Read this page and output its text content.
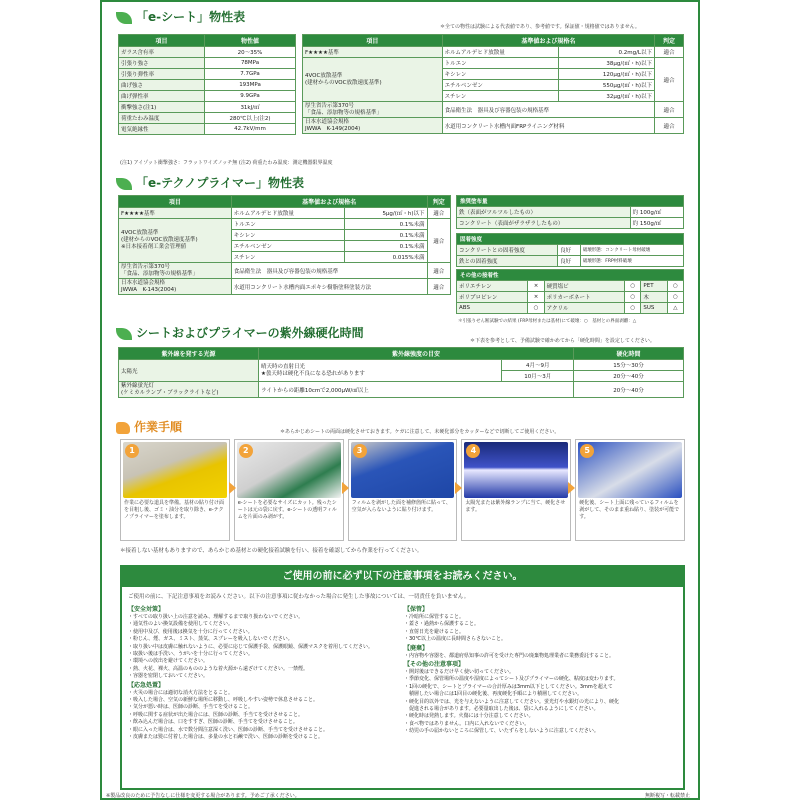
「e-シート」物性表
＊全ての物性は試験による代表値であり、参考値です。保証値・規格値ではありません。
項目	物性値
ガラス含有率	20～35%
引張り強さ	78MPa
引張り弾性率	7.7GPa
曲げ強さ	193MPa
曲げ弾性率	9.9GPa
衝撃強さ(注1)	31kJ/㎡
荷重たわみ温度	280℃以上(注2)
電気絶縁性	42.7kV/mm
項目	基準値および規格名		判定
F★★★★基準	ホルムアルデヒド放散量	0.2mg/L以下	適合
4VOC放散基準
(建材からのVOC放散速度基準)	トルエン	38μg/(㎡・h)以下	適合
	キシレン	120μg/(㎡・h)以下	
	エチルベンゼン	550μg/(㎡・h)以下	
	スチレン	32μg/(㎡・h)以下	
厚生省告示第370号
「食品、添加物等の規格基準」	食品衛生法　器具及び容器包装の規格基準		適合
日本水道協会規格
JWWA　K-149(2004)	水道用コンクリート水槽内面FRPライニング材料		適合
(注1) アイゾット衝撃強さ：フラットワイズノッチ無 (注2) 荷重たわみ温度：測定機器限界温度
「e-テクノプライマー」物性表
項目	基準値および規格名		判定
F★★★★基準	ホルムアルデヒド放散量	5μg/(㎡・h)以下	適合
4VOC放散基準
(建材からのVOC放散速度基準)
※日本接着剤工業会管理値	トルエン	0.1%未満	適合
	キシレン	0.1%未満	
	エチルベンゼン	0.1%未満	
	スチレン	0.015%未満	
厚生省告示第370号
「食品、添加物等の規格基準」	食品衛生法　器具及び容器包装の規格基準		適合
日本水道協会規格
JWWA　K-143(2004)	水道用コンクリート水槽内面エポキシ樹脂塗料塗装方法		適合
推奨塗布量	
鉄（表面がツルツルしたもの）	約 100g/㎡
コンクリート（表面がザラザラしたもの）	約 150g/㎡
固着強度		
コンクリートとの固着強度	良好	破壊形態：コンクリート母材破壊
鉄との固着強度	良好	破壊形態：FRP材料破壊
その他の接着性					
ポリエチレン	×	硬質塩ビ	○	PET	○
ポリプロピレン	×	ポリカーボネート	○	木	○
ABS	○	アクリル	○	SUS	△
＊引張りせん断試験での結果 (FRP母材または基材)にて破壊：○　基材との界面剥離：△
シートおよびプライマーの紫外線硬化時間
＊下表を参考として、予備試験で確かめてから「硬化時間」を設定してください。
紫外線を発する光源	紫外線強度の目安		硬化時間
太陽光	晴天時の直射日光
★曇天時は硬化不良になる恐れがあります	4月～9月	15分～30分
		10月～3月	20分～40分
紫外線蛍光灯
(ケミカルランプ・ブラックライトなど)	ライトからの距離10cmで2,000μW/㎠以上		20分～40分
作業手順	＊あらかじめシートの両面は硬化させておきます。ケガに注意して、未硬化部分をカッターなどで切断してご使用ください。
1
作業に必要な道具を準備。基材の貼り付け面を目粗し後、ゴミ・油分を取り除き、e-テクノプライマーを塗布します。
2
e-シートを必要なサイズにカット。残ったシートは元の袋に戻す。e-シートの透明フィルムを片面のみ剥がす。
3
フィルムを剥がした面を補修箇所に貼って、空気が入らないように貼り付けます。
4
太陽光または紫外線ランプに当て、硬化させます。
5
硬化後、シート上面に残っているフィルムを剥がして、そのまま重ね貼り、塗装が可能です。
＊接着しない基材もありますので、あらかじめ基材との硬化接着試験を行い、接着を確認してから作業を行ってください。
ご使用の前に必ず以下の注意事項をお読みください。
ご使用の前に、下記注意事項をお読みください。以下の注意事項に従わなかった場合に発生した事故については、一切責任を負いません。
【安全対策】
・すべての取り扱い上の注意を読み、理解するまで取り扱わないでください。
・通気性のよい換気設備を使用してください。
・使用中及び、使用後は換気を十分に行ってください。
・粉じん、煙、ガス、ミスト、蒸気、スプレーを吸入しないでください。
・取り扱い中は皮膚に触れないように、必要に応じて保護手袋、保護眼鏡、保護マスクを着用してください。
・取扱い後は手洗い、うがいを十分に行ってください。
・環境への放出を避けてください。
・熱、火花、裸火、高温のもののような着火源から遠ざけてください。一禁煙。
・容器を密閉しておいてください。
【応急処置】
・火災の場合には適切な消火方法をとること。
・吸入した場合、空気の新鮮な場所に移動し、呼吸しやすい姿勢で休息させること。
・気分が悪い時は、医師の診断、手当てを受けること。
・呼吸に関する症状が出た場合には、医師の診断、手当てを受けさせること。
・飲み込んだ場合は、口をすすぎ、医師の診断、手当てを受けさせること。
・眼に入った場合は、水で数分間注意深く洗い、医師の診断、手当てを受けさせること。
・皮膚または髪に付着した場合は、多量の水と石鹸で洗い、医師の診断を受けること。
【保管】
・冷暗所に保管すること。
・蓋さ・過熱から保護すること。
・直射日光を避けること。
・30℃以上の温度に長時間さらさないこと。
【廃棄】
・内容物や容器を、都道府県知事の許可を受けた専門の廃棄物処理業者に業務委託すること。
【その他の注意事項】
・開封後はできるだけ早く使い切ってください。
・季節変化、保管場所の温度や湿度によってシート及びプライマーの硬化、粘度は変わります。
・1回の硬化で、シートとプライマーの合計厚みは3mm以下としてください。3mmを超えて
　積層したい場合には1回目の硬化後、再度硬化手順により積層してください。
・硬化目的以外では、光を与えないように注意してください。蛍光灯や水銀灯の光により、硬化
　促進される場合があります。必要量取出した後は、袋に入れるようにしてください。
・硬化時は発熱します。火傷には十分注意してください。
・食べ物ではありません。口内に入れないでください。
・幼児の手の届かないところに保管して、いたずらをしないように注意してください。
※製品改良のために予告なしに仕様を変更する場合があります。予めご了承ください。	無断複写・転載禁止
